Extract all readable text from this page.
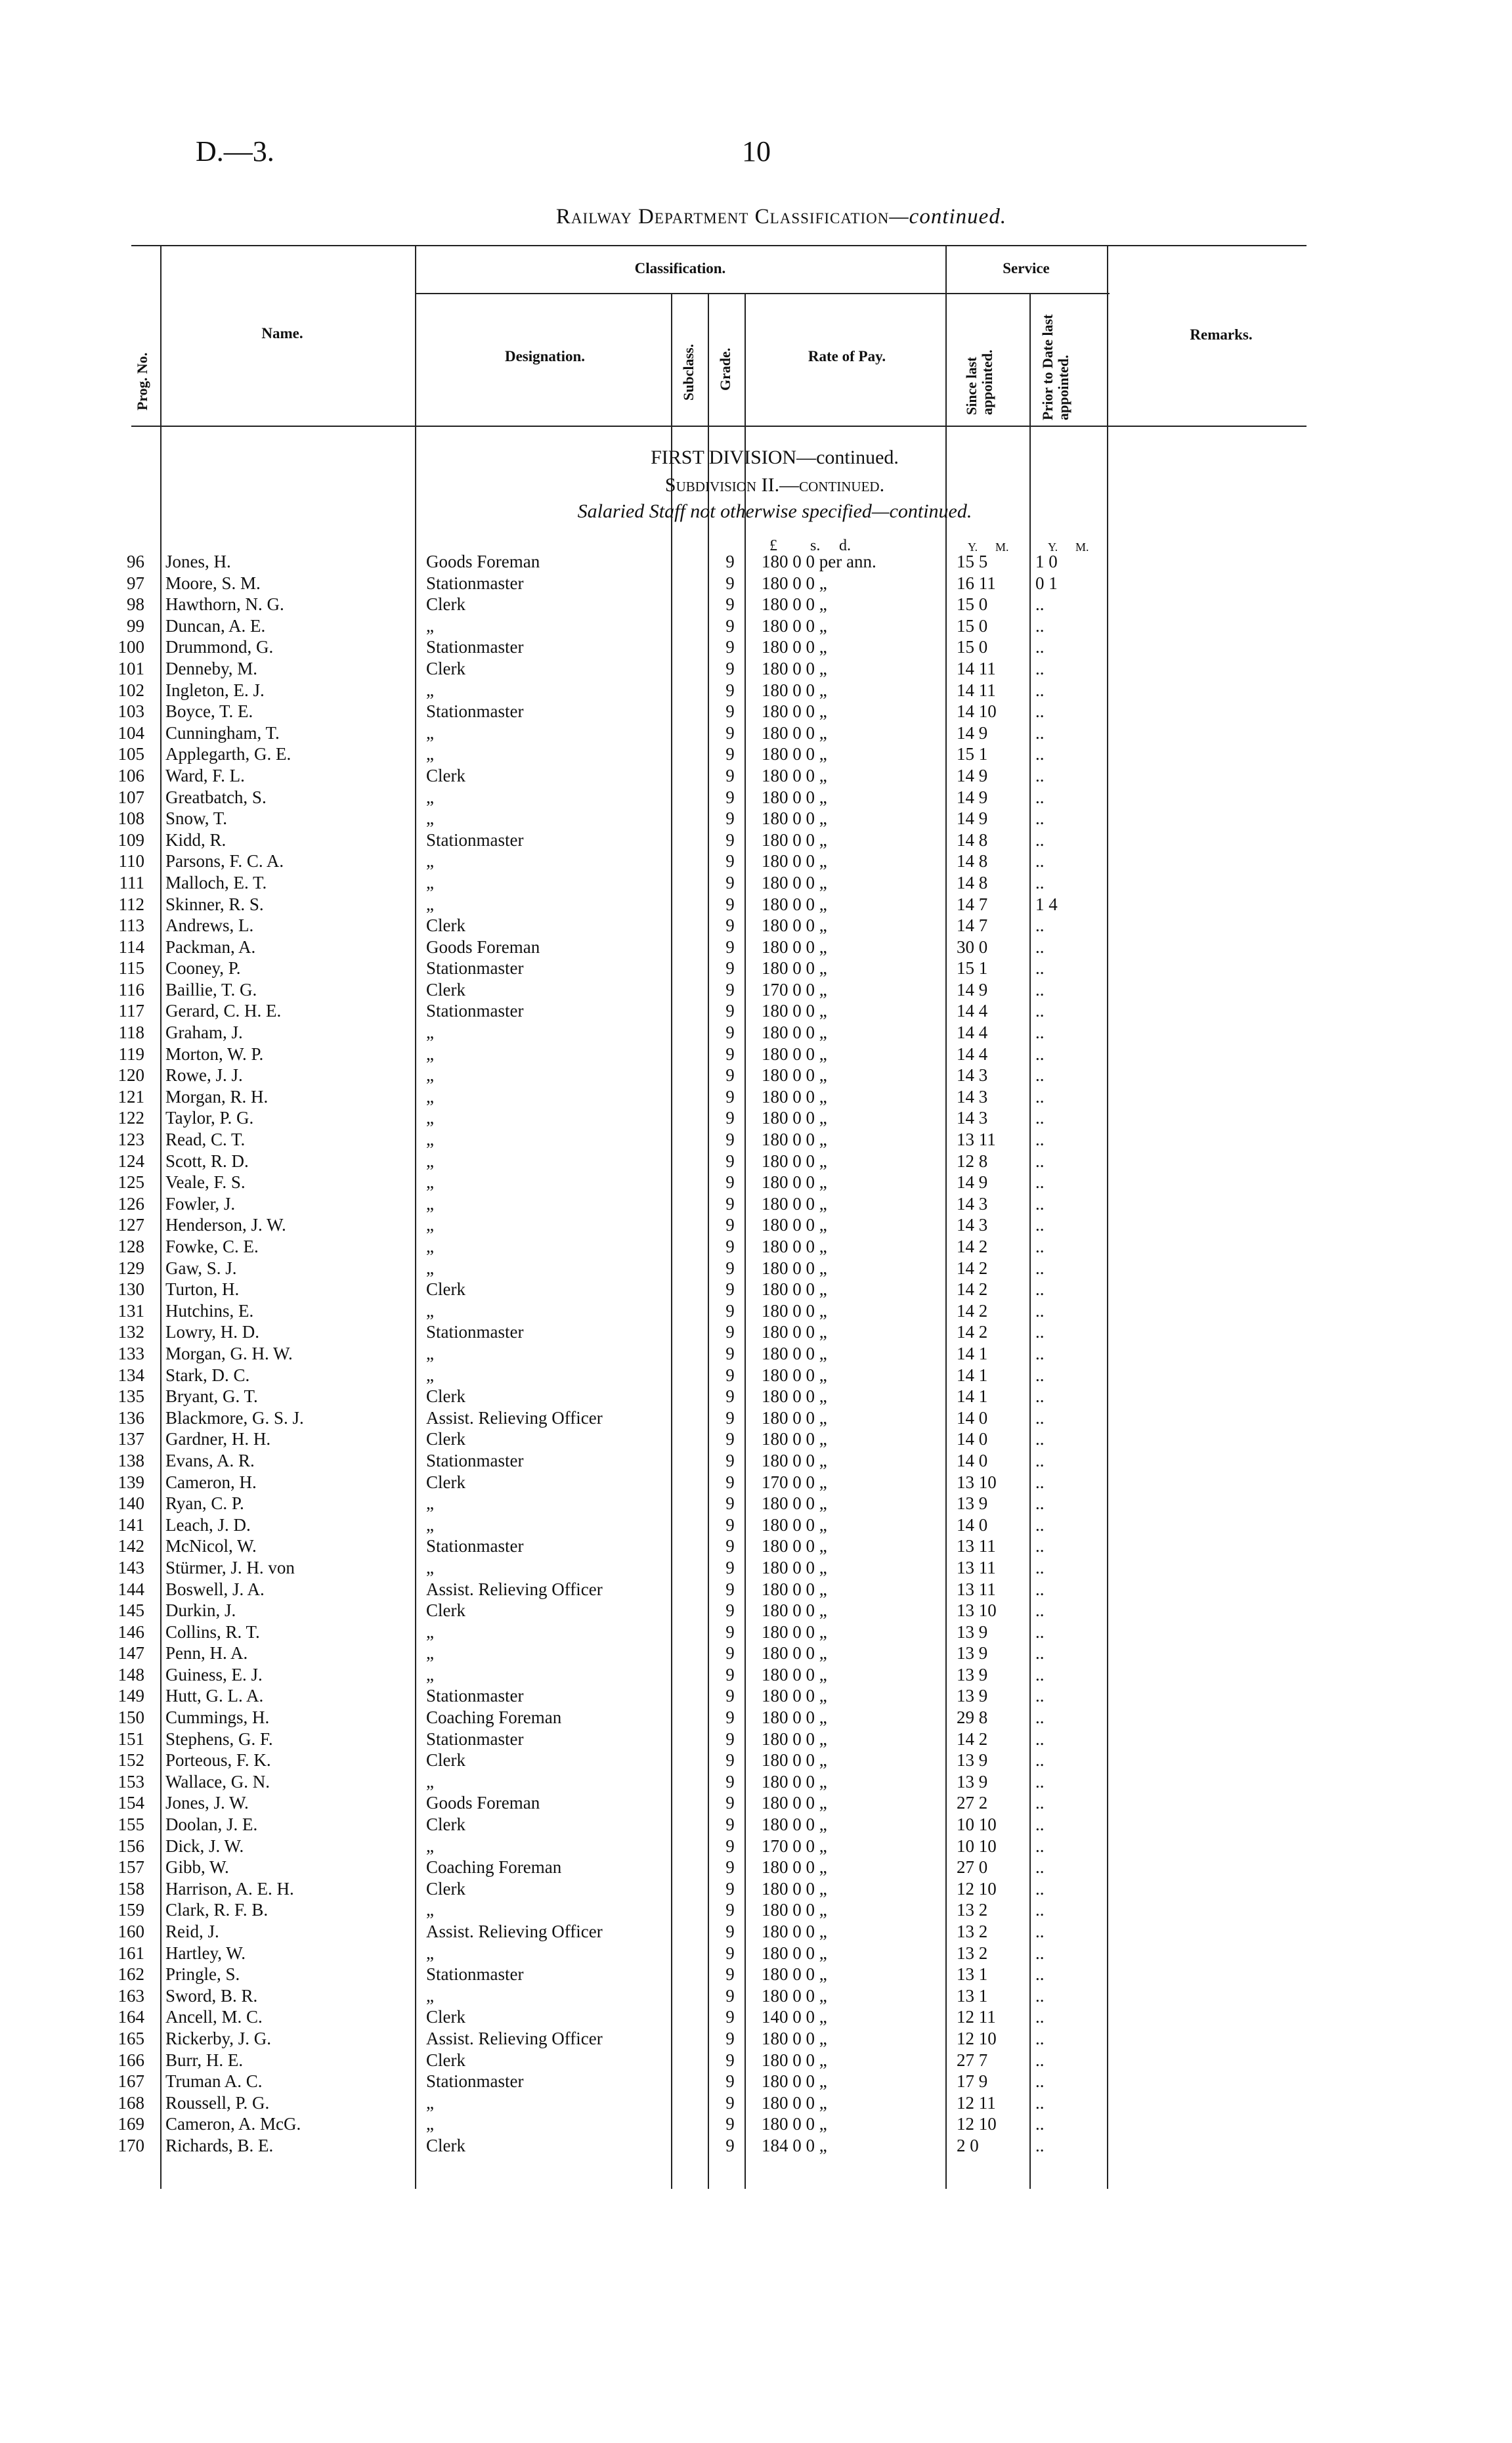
D.—3.	10
Railway Department Classification—continued.
Prog. No.
Name.
Classification.
Designation.	Subclass. Grade.	Rate of Pay.
Service
Since last appointed.	Prior to Date last appointed.
Remarks.
FIRST DIVISION—continued.
Subdivision II.—continued.
Salaried Staff not otherwise specified—continued.
£ s. d.	Y. M.	Y. M.
96	Jones, H.	Goods Foreman		9	180 0 0 per ann.	15 5	1 0
97	Moore, S. M.	Stationmaster		9	180 0 0 „	16 11	0 1
98	Hawthorn, N. G.	Clerk		9	180 0 0 „	15 0	..
99	Duncan, A. E.	„		9	180 0 0 „	15 0	..
100	Drummond, G.	Stationmaster		9	180 0 0 „	15 0	..
101	Denneby, M.	Clerk		9	180 0 0 „	14 11	..
102	Ingleton, E. J.	„		9	180 0 0 „	14 11	..
103	Boyce, T. E.	Stationmaster		9	180 0 0 „	14 10	..
104	Cunningham, T.	„		9	180 0 0 „	14 9	..
105	Applegarth, G. E.	„		9	180 0 0 „	15 1	..
106	Ward, F. L.	Clerk		9	180 0 0 „	14 9	..
107	Greatbatch, S.	„		9	180 0 0 „	14 9	..
108	Snow, T.	„		9	180 0 0 „	14 9	..
109	Kidd, R.	Stationmaster		9	180 0 0 „	14 8	..
110	Parsons, F. C. A.	„		9	180 0 0 „	14 8	..
111	Malloch, E. T.	„		9	180 0 0 „	14 8	..
112	Skinner, R. S.	„		9	180 0 0 „	14 7	1 4
113	Andrews, L.	Clerk		9	180 0 0 „	14 7	..
114	Packman, A.	Goods Foreman		9	180 0 0 „	30 0	..
115	Cooney, P.	Stationmaster		9	180 0 0 „	15 1	..
116	Baillie, T. G.	Clerk		9	170 0 0 „	14 9	..
117	Gerard, C. H. E.	Stationmaster		9	180 0 0 „	14 4	..
118	Graham, J.	„		9	180 0 0 „	14 4	..
119	Morton, W. P.	„		9	180 0 0 „	14 4	..
120	Rowe, J. J.	„		9	180 0 0 „	14 3	..
121	Morgan, R. H.	„		9	180 0 0 „	14 3	..
122	Taylor, P. G.	„		9	180 0 0 „	14 3	..
123	Read, C. T.	„		9	180 0 0 „	13 11	..
124	Scott, R. D.	„		9	180 0 0 „	12 8	..
125	Veale, F. S.	„		9	180 0 0 „	14 9	..
126	Fowler, J.	„		9	180 0 0 „	14 3	..
127	Henderson, J. W.	„		9	180 0 0 „	14 3	..
128	Fowke, C. E.	„		9	180 0 0 „	14 2	..
129	Gaw, S. J.	„		9	180 0 0 „	14 2	..
130	Turton, H.	Clerk		9	180 0 0 „	14 2	..
131	Hutchins, E.	„		9	180 0 0 „	14 2	..
132	Lowry, H. D.	Stationmaster		9	180 0 0 „	14 2	..
133	Morgan, G. H. W.	„		9	180 0 0 „	14 1	..
134	Stark, D. C.	„		9	180 0 0 „	14 1	..
135	Bryant, G. T.	Clerk		9	180 0 0 „	14 1	..
136	Blackmore, G. S. J.	Assist. Relieving Officer		9	180 0 0 „	14 0	..
137	Gardner, H. H.	Clerk		9	180 0 0 „	14 0	..
138	Evans, A. R.	Stationmaster		9	180 0 0 „	14 0	..
139	Cameron, H.	Clerk		9	170 0 0 „	13 10	..
140	Ryan, C. P.	„		9	180 0 0 „	13 9	..
141	Leach, J. D.	„		9	180 0 0 „	14 0	..
142	McNicol, W.	Stationmaster		9	180 0 0 „	13 11	..
143	Stürmer, J. H. von	„		9	180 0 0 „	13 11	..
144	Boswell, J. A.	Assist. Relieving Officer		9	180 0 0 „	13 11	..
145	Durkin, J.	Clerk		9	180 0 0 „	13 10	..
146	Collins, R. T.	„		9	180 0 0 „	13 9	..
147	Penn, H. A.	„		9	180 0 0 „	13 9	..
148	Guiness, E. J.	„		9	180 0 0 „	13 9	..
149	Hutt, G. L. A.	Stationmaster		9	180 0 0 „	13 9	..
150	Cummings, H.	Coaching Foreman		9	180 0 0 „	29 8	..
151	Stephens, G. F.	Stationmaster		9	180 0 0 „	14 2	..
152	Porteous, F. K.	Clerk		9	180 0 0 „	13 9	..
153	Wallace, G. N.	„		9	180 0 0 „	13 9	..
154	Jones, J. W.	Goods Foreman		9	180 0 0 „	27 2	..
155	Doolan, J. E.	Clerk		9	180 0 0 „	10 10	..
156	Dick, J. W.	„		9	170 0 0 „	10 10	..
157	Gibb, W.	Coaching Foreman		9	180 0 0 „	27 0	..
158	Harrison, A. E. H.	Clerk		9	180 0 0 „	12 10	..
159	Clark, R. F. B.	„		9	180 0 0 „	13 2	..
160	Reid, J.	Assist. Relieving Officer		9	180 0 0 „	13 2	..
161	Hartley, W.	„		9	180 0 0 „	13 2	..
162	Pringle, S.	Stationmaster		9	180 0 0 „	13 1	..
163	Sword, B. R.	„		9	180 0 0 „	13 1	..
164	Ancell, M. C.	Clerk		9	140 0 0 „	12 11	..
165	Rickerby, J. G.	Assist. Relieving Officer		9	180 0 0 „	12 10	..
166	Burr, H. E.	Clerk		9	180 0 0 „	27 7	..
167	Truman A. C.	Stationmaster		9	180 0 0 „	17 9	..
168	Roussell, P. G.	„		9	180 0 0 „	12 11	..
169	Cameron, A. McG.	„		9	180 0 0 „	12 10	..
170	Richards, B. E.	Clerk		9	184 0 0 „	2 0	..
